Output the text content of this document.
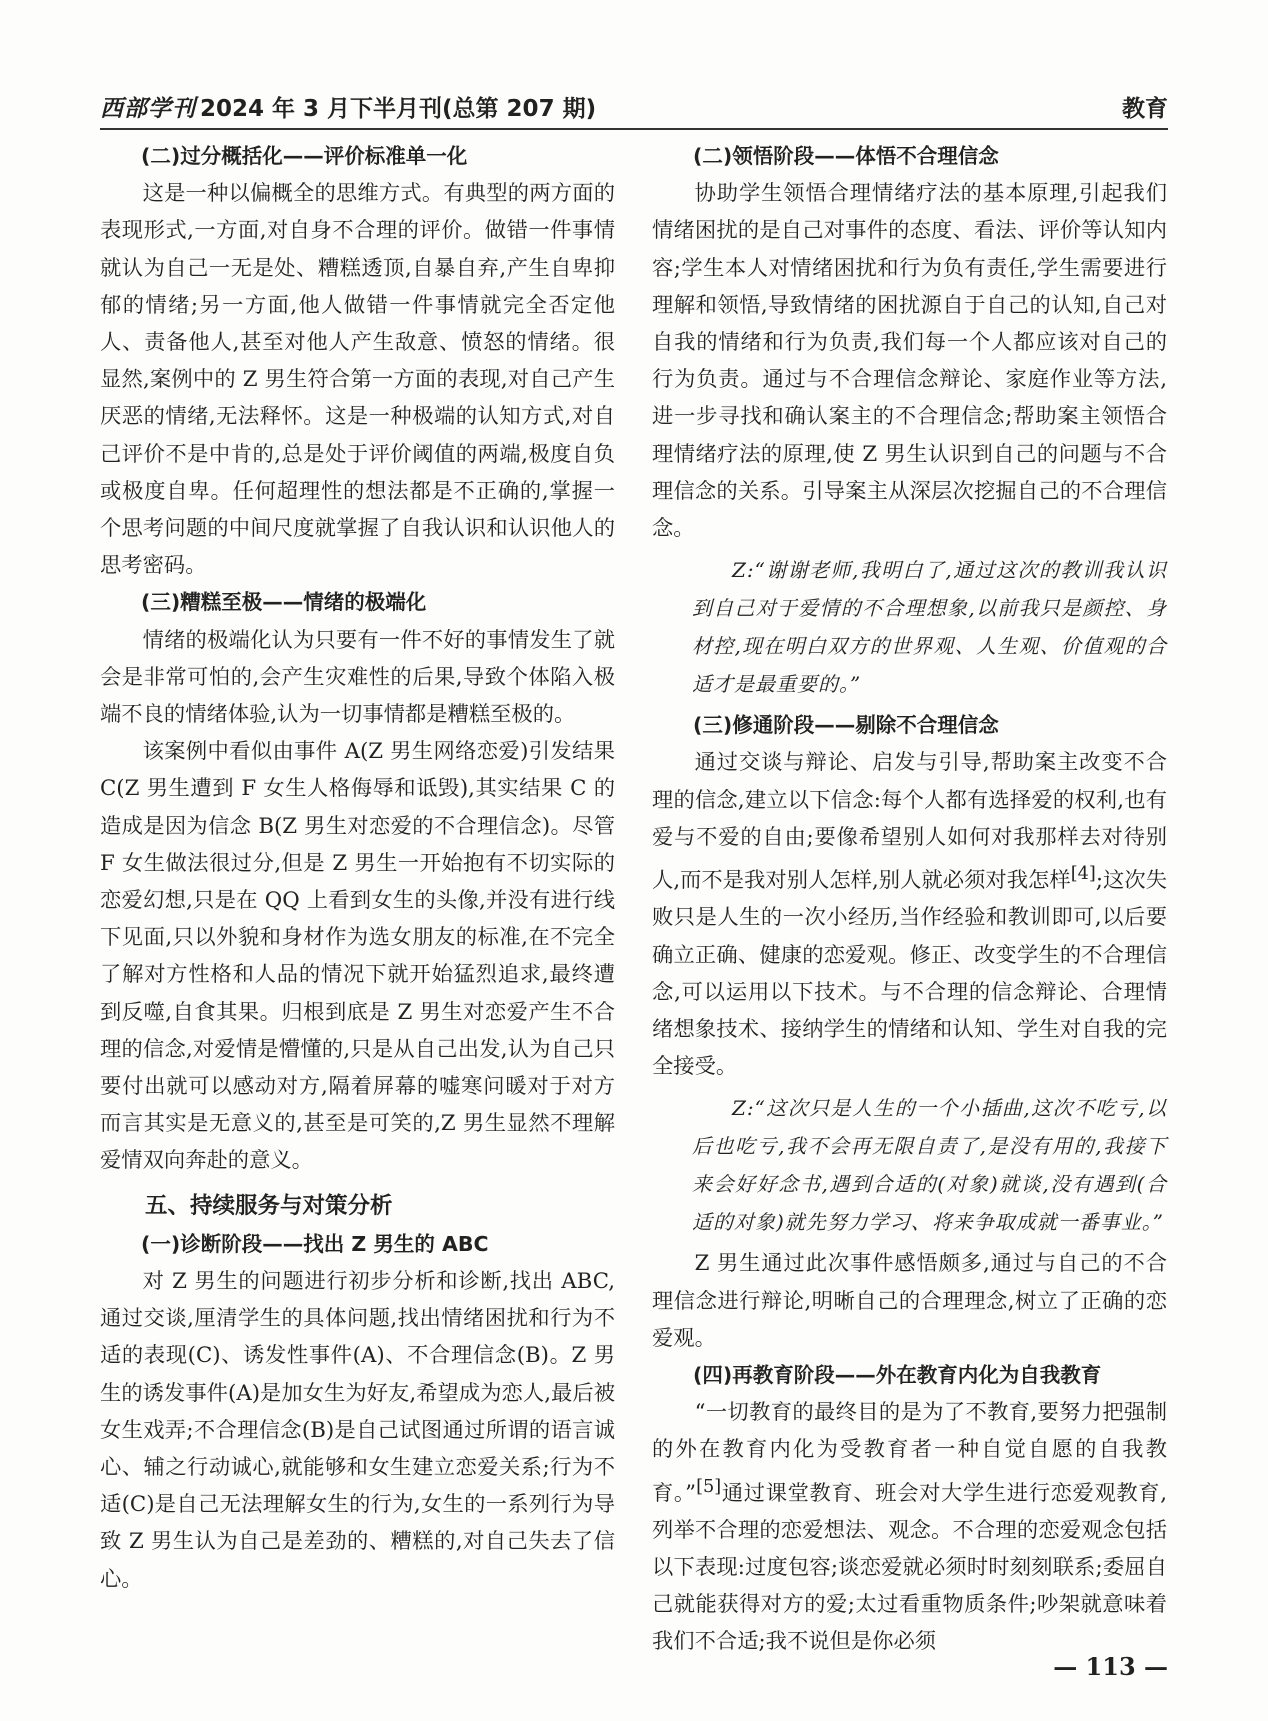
西部学刊 2024 年 3 月下半月刊(总第 207 期)	教育
(二)过分概括化——评价标准单一化

这是一种以偏概全的思维方式。有典型的两方面的表现形式,一方面,对自身不合理的评价。做错一件事情就认为自己一无是处、糟糕透顶,自暴自弃,产生自卑抑郁的情绪;另一方面,他人做错一件事情就完全否定他人、责备他人,甚至对他人产生敌意、愤怒的情绪。很显然,案例中的 Z 男生符合第一方面的表现,对自己产生厌恶的情绪,无法释怀。这是一种极端的认知方式,对自己评价不是中肯的,总是处于评价阈值的两端,极度自负或极度自卑。任何超理性的想法都是不正确的,掌握一个思考问题的中间尺度就掌握了自我认识和认识他人的思考密码。

(三)糟糕至极——情绪的极端化

情绪的极端化认为只要有一件不好的事情发生了就会是非常可怕的,会产生灾难性的后果,导致个体陷入极端不良的情绪体验,认为一切事情都是糟糕至极的。

该案例中看似由事件 A(Z 男生网络恋爱)引发结果 C(Z 男生遭到 F 女生人格侮辱和诋毁),其实结果 C 的造成是因为信念 B(Z 男生对恋爱的不合理信念)。尽管 F 女生做法很过分,但是 Z 男生一开始抱有不切实际的恋爱幻想,只是在 QQ 上看到女生的头像,并没有进行线下见面,只以外貌和身材作为选女朋友的标准,在不完全了解对方性格和人品的情况下就开始猛烈追求,最终遭到反噬,自食其果。归根到底是 Z 男生对恋爱产生不合理的信念,对爱情是懵懂的,只是从自己出发,认为自己只要付出就可以感动对方,隔着屏幕的嘘寒问暖对于对方而言其实是无意义的,甚至是可笑的,Z 男生显然不理解爱情双向奔赴的意义。

五、持续服务与对策分析
(一)诊断阶段——找出 Z 男生的 ABC

对 Z 男生的问题进行初步分析和诊断,找出 ABC,通过交谈,厘清学生的具体问题,找出情绪困扰和行为不适的表现(C)、诱发性事件(A)、不合理信念(B)。Z 男生的诱发事件(A)是加女生为好友,希望成为恋人,最后被女生戏弄;不合理信念(B)是自己试图通过所谓的语言诚心、辅之行动诚心,就能够和女生建立恋爱关系;行为不适(C)是自己无法理解女生的行为,女生的一系列行为导致 Z 男生认为自己是差劲的、糟糕的,对自己失去了信心。

(二)领悟阶段——体悟不合理信念

协助学生领悟合理情绪疗法的基本原理,引起我们情绪困扰的是自己对事件的态度、看法、评价等认知内容;学生本人对情绪困扰和行为负有责任,学生需要进行理解和领悟,导致情绪的困扰源自于自己的认知,自己对自我的情绪和行为负责,我们每一个人都应该对自己的行为负责。通过与不合理信念辩论、家庭作业等方法,进一步寻找和确认案主的不合理信念;帮助案主领悟合理情绪疗法的原理,使 Z 男生认识到自己的问题与不合理信念的关系。引导案主从深层次挖掘自己的不合理信念。

Z:“谢谢老师,我明白了,通过这次的教训我认识到自己对于爱情的不合理想象,以前我只是颜控、身材控,现在明白双方的世界观、人生观、价值观的合适才是最重要的。”

(三)修通阶段——剔除不合理信念

通过交谈与辩论、启发与引导,帮助案主改变不合理的信念,建立以下信念:每个人都有选择爱的权利,也有爱与不爱的自由;要像希望别人如何对我那样去对待别人,而不是我对别人怎样,别人就必须对我怎样[4];这次失败只是人生的一次小经历,当作经验和教训即可,以后要确立正确、健康的恋爱观。修正、改变学生的不合理信念,可以运用以下技术。与不合理的信念辩论、合理情绪想象技术、接纳学生的情绪和认知、学生对自我的完全接受。

Z:“这次只是人生的一个小插曲,这次不吃亏,以后也吃亏,我不会再无限自责了,是没有用的,我接下来会好好念书,遇到合适的(对象)就谈,没有遇到(合适的对象)就先努力学习、将来争取成就一番事业。”

Z 男生通过此次事件感悟颇多,通过与自己的不合理信念进行辩论,明晰自己的合理理念,树立了正确的恋爱观。

(四)再教育阶段——外在教育内化为自我教育

“一切教育的最终目的是为了不教育,要努力把强制的外在教育内化为受教育者一种自觉自愿的自我教育。”[5]通过课堂教育、班会对大学生进行恋爱观教育,列举不合理的恋爱想法、观念。不合理的恋爱观念包括以下表现:过度包容;谈恋爱就必须时时刻刻联系;委屈自己就能获得对方的爱;太过看重物质条件;吵架就意味着我们不合适;我不说但是你必须

— 113 —
